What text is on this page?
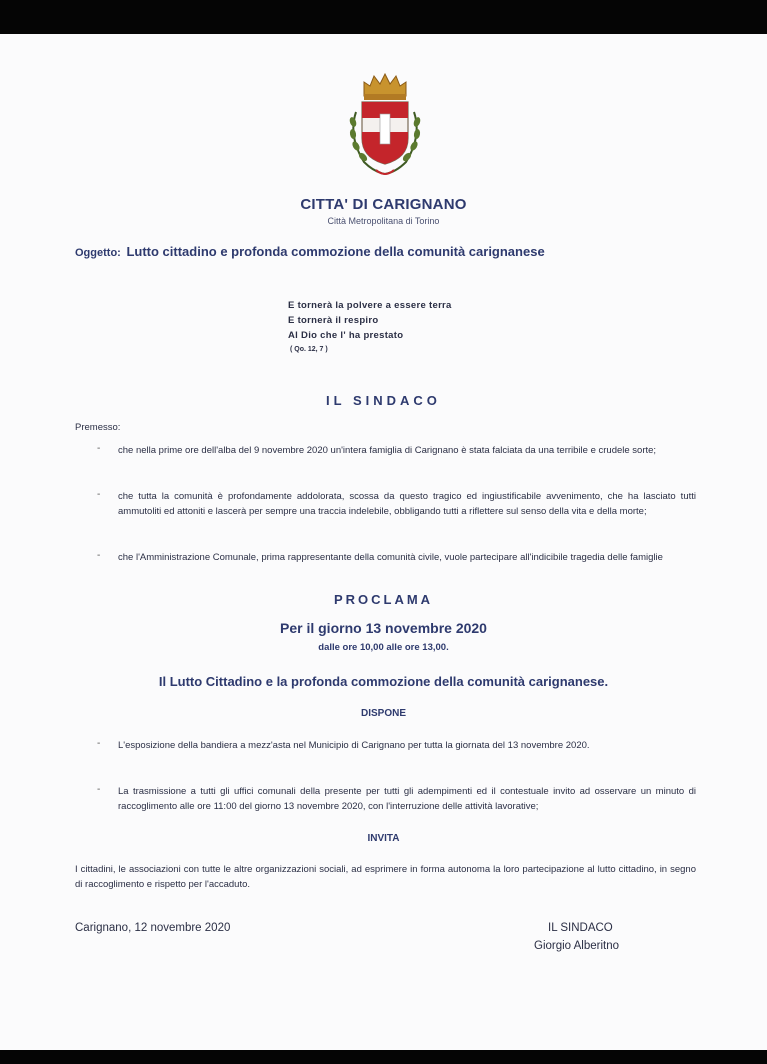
CITTA' DI CARIGNANO
Città Metropolitana di Torino
Oggetto: Lutto cittadino e profonda commozione della comunità carignanese
E tornerà la polvere a essere terra
E tornerà il respiro
Al Dio che l' ha prestato
( Qo. 12, 7 )
IL SINDACO
Premesso:
- che nella prime ore dell'alba del 9 novembre 2020 un'intera famiglia di Carignano è stata falciata da una terribile e crudele sorte;
- che tutta la comunità è profondamente addolorata, scossa da questo tragico ed ingiustificabile avvenimento, che ha lasciato tutti ammutoliti ed attoniti e lascerà per sempre una traccia indelebile, obbligando tutti a riflettere sul senso della vita e della morte;
- che l'Amministrazione Comunale, prima rappresentante della comunità civile, vuole partecipare all'indicibile tragedia delle famiglie
PROCLAMA
Per il giorno 13 novembre 2020
dalle ore 10,00 alle ore 13,00.
Il Lutto Cittadino e la profonda commozione della comunità carignanese.
DISPONE
- L'esposizione della bandiera a mezz'asta nel Municipio di Carignano per tutta la giornata del 13 novembre 2020.
- La trasmissione a tutti gli uffici comunali della presente per tutti gli adempimenti ed il contestuale invito ad osservare un minuto di raccoglimento alle ore 11:00 del giorno 13 novembre 2020, con l'interruzione delle attività lavorative;
INVITA
I cittadini, le associazioni con tutte le altre organizzazioni sociali, ad esprimere in forma autonoma la loro partecipazione al lutto cittadino, in segno di raccoglimento e rispetto per l'accaduto.
Carignano, 12 novembre 2020	IL SINDACO
Giorgio Alberitno
